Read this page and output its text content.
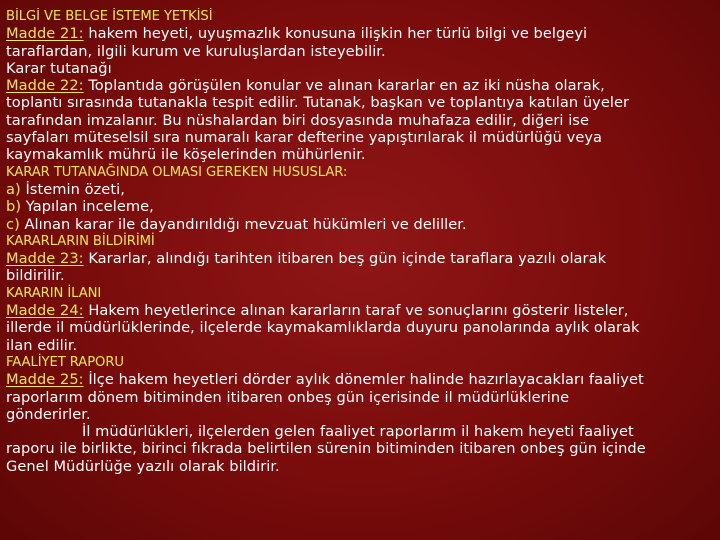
BİLGİ VE BELGE İSTEME YETKİSİ
Madde 21: hakem heyeti, uyuşmazlık konusuna ilişkin her türlü bilgi ve belgeyi
taraflardan, ilgili kurum ve kuruluşlardan isteyebilir.
Karar tutanağı
Madde 22: Toplantıda görüşülen konular ve alınan kararlar en az iki nüsha olarak,
toplantı sırasında tutanakla tespit edilir. Tutanak, başkan ve toplantıya katılan üyeler
tarafından imzalanır. Bu nüshalardan biri dosyasında muhafaza edilir, diğeri ise
sayfaları müteselsil sıra numaralı karar defterine yapıştırılarak il müdürlüğü veya
kaymakamlık mührü ile köşelerinden mühürlenir.
KARAR TUTANAĞINDA OLMASI GEREKEN HUSUSLAR:
a) İstemin özeti,
b) Yapılan inceleme,
c) Alınan karar ile dayandırıldığı mevzuat hükümleri ve deliller.
KARARLARIN BİLDİRİMİ
Madde 23: Kararlar, alındığı tarihten itibaren beş gün içinde taraflara yazılı olarak
bildirilir.
KARARIN İLANI
Madde 24: Hakem heyetlerince alınan kararların taraf ve sonuçlarını gösterir listeler,
illerde il müdürlüklerinde, ilçelerde kaymakamlıklarda duyuru panolarında aylık olarak
ilan edilir.
FAALİYET RAPORU
Madde 25: İlçe hakem heyetleri dörder aylık dönemler halinde hazırlayacakları faaliyet
raporlarım dönem bitiminden itibaren onbeş gün içerisinde il müdürlüklerine
gönderirler.
İl müdürlükleri, ilçelerden gelen faaliyet raporlarım il hakem heyeti faaliyet
raporu ile birlikte, birinci fıkrada belirtilen sürenin bitiminden itibaren onbeş gün içinde
Genel Müdürlüğe yazılı olarak bildirir.
